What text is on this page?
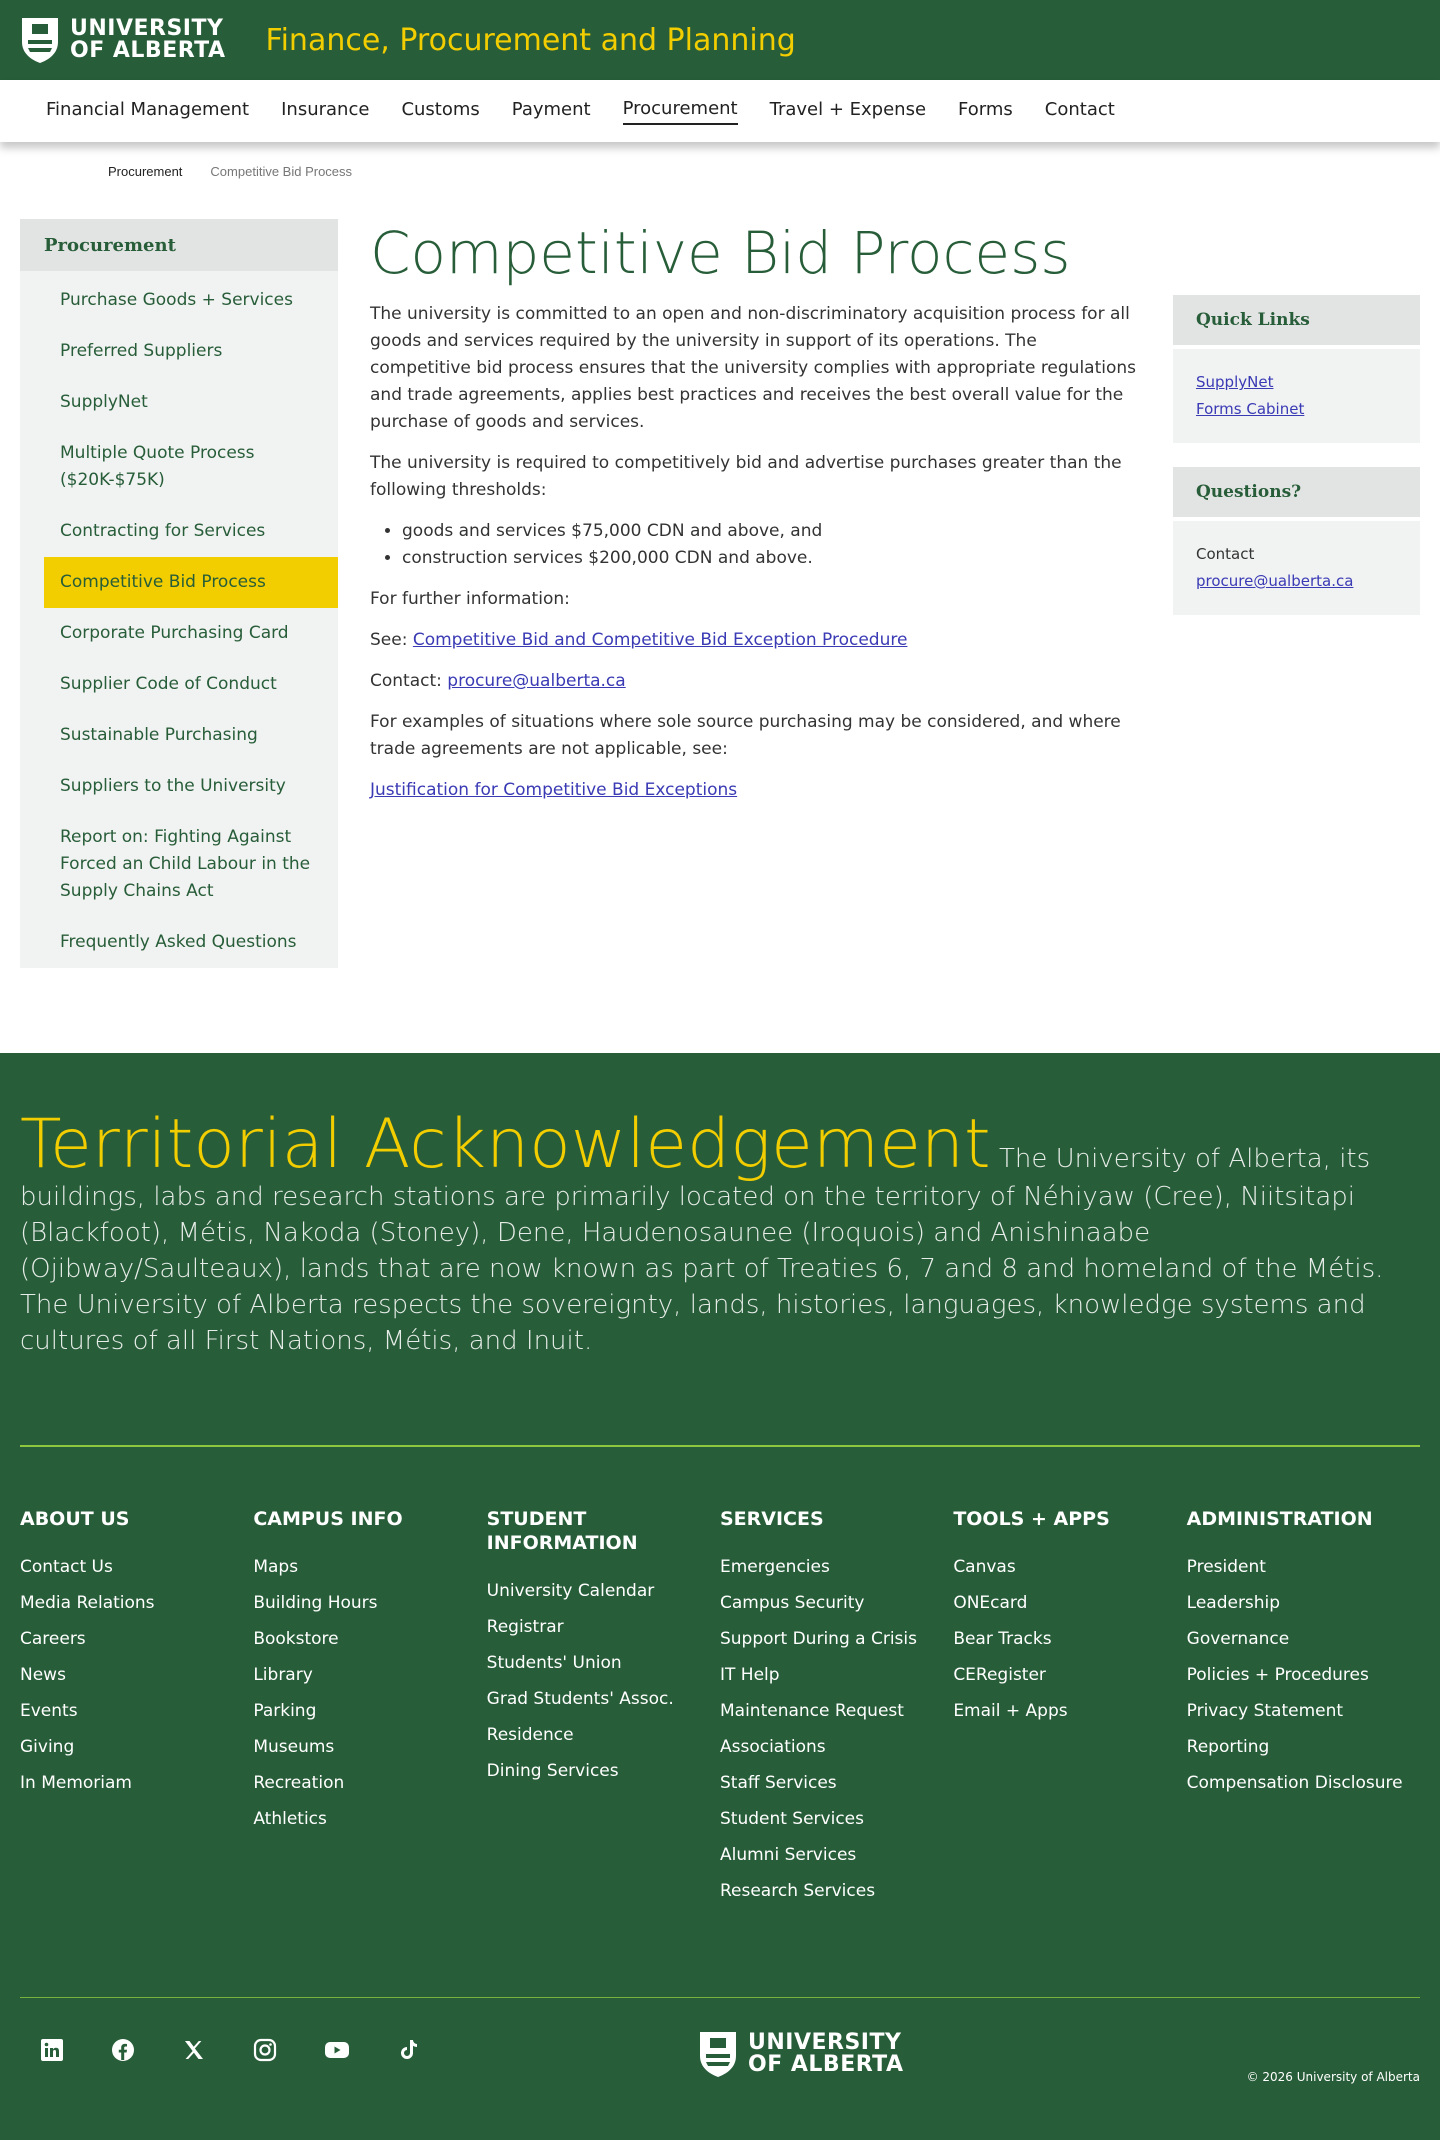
UNIVERSITY
OF ALBERTA Finance, Procurement and Planning
Financial Management Insurance Customs Payment Procurement Travel + Expense Forms Contact
Procurement Competitive Bid Process
Procurement
Purchase Goods + Services
Preferred Suppliers
SupplyNet
Multiple Quote Process ($20K-$75K)
Contracting for Services
Competitive Bid Process
Corporate Purchasing Card
Supplier Code of Conduct
Sustainable Purchasing
Suppliers to the University
Report on: Fighting Against Forced an Child Labour in the Supply Chains Act
Frequently Asked Questions
Competitive Bid Process

The university is committed to an open and non-discriminatory acquisition process for all goods and services required by the university in support of its operations. The competitive bid process ensures that the university complies with appropriate regulations and trade agreements, applies best practices and receives the best overall value for the purchase of goods and services.

The university is required to competitively bid and advertise purchases greater than the following thresholds:

• goods and services $75,000 CDN and above, and
• construction services $200,000 CDN and above.

For further information:

See: Competitive Bid and Competitive Bid Exception Procedure

Contact: procure@ualberta.ca

For examples of situations where sole source purchasing may be considered, and where trade agreements are not applicable, see:

Justification for Competitive Bid Exceptions

Quick Links
SupplyNet
Forms Cabinet
Questions?
Contact
procure@ualberta.ca
Territorial Acknowledgement The University of Alberta, its buildings, labs and research stations are primarily located on the territory of Néhiyaw (Cree), Niitsitapi (Blackfoot), Métis, Nakoda (Stoney), Dene, Haudenosaunee (Iroquois) and Anishinaabe (Ojibway/Saulteaux), lands that are now known as part of Treaties 6, 7 and 8 and homeland of the Métis. The University of Alberta respects the sovereignty, lands, histories, languages, knowledge systems and cultures of all First Nations, Métis, and Inuit.
ABOUT US
Contact Us
Media Relations
Careers
News
Events
Giving
In Memoriam
CAMPUS INFO
Maps
Building Hours
Bookstore
Library
Parking
Museums
Recreation
Athletics
STUDENT INFORMATION
University Calendar
Registrar
Students' Union
Grad Students' Assoc.
Residence
Dining Services
SERVICES
Emergencies
Campus Security
Support During a Crisis
IT Help
Maintenance Request
Associations
Staff Services
Student Services
Alumni Services
Research Services
TOOLS + APPS
Canvas
ONEcard
Bear Tracks
CERegister
Email + Apps
ADMINISTRATION
President
Leadership
Governance
Policies + Procedures
Privacy Statement
Reporting
Compensation Disclosure
UNIVERSITY
OF ALBERTA	© 2026 University of Alberta
